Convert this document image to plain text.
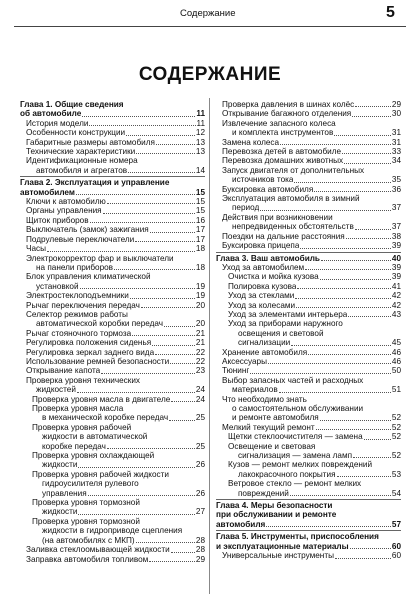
Содержание	5
СОДЕРЖАНИЕ
Глава 1. Общие сведения
об автомобиле	11
История модели	11
Особенности конструкции	12
Габаритные размеры автомобиля	13
Технические характеристики	13
Идентификационные номера
автомобиля и агрегатов	14
Глава 2. Эксплуатация и управление
автомобилем	15
Ключи к автомобилю	15
Органы управления	15
Щиток приборов	16
Выключатель (замок) зажигания	17
Подрулевые переключатели	17
Часы	18
Электрокорректор фар и выключатели
на панели приборов	18
Блок управления климатической
установкой	19
Электростеклоподъемники	19
Рычаг переключения передач	20
Селектор режимов работы
автоматической коробки передач	20
Рычаг стояночного тормоза	21
Регулировка положения сиденья	21
Регулировка зеркал заднего вида	22
Использование ремней безопасности	22
Открывание капота	23
Проверка уровня технических
жидкостей	24
Проверка уровня масла в двигателе	24
Проверка уровня масла
в механической коробке передач	25
Проверка уровня рабочей
жидкости в автоматической
коробке передач	25
Проверка уровня охлаждающей
жидкости	26
Проверка уровня рабочей жидкости
гидроусилителя рулевого
управления	26
Проверка уровня тормозной
жидкости	27
Проверка уровня тормозной
жидкости в гидроприводе сцепления
(на автомобилях с МКП)	28
Заливка стеклоомывающей жидкости	28
Заправка автомобиля топливом	29
Проверка давления в шинах колёс	29
Открывание багажного отделения	30
Извлечение запасного колеса
и комплекта инструментов	31
Замена колеса	31
Перевозка детей в автомобиле	33
Перевозка домашних животных	34
Запуск двигателя от дополнительных
источников тока	35
Буксировка автомобиля	36
Эксплуатация автомобиля в зимний
период	37
Действия при возникновении
непредвиденных обстоятельств	37
Поездки на дальние расстояния	38
Буксировка прицепа	39
Глава 3. Ваш автомобиль	40
Уход за автомобилем	39
Очистка и мойка кузова	39
Полировка кузова	41
Уход за стеклами	42
Уход за колесами	42
Уход за элементами интерьера	43
Уход за приборами наружного
освещения и световой
сигнализации	45
Хранение автомобиля	46
Аксессуары	46
Тюнинг	50
Выбор запасных частей и расходных
материалов	51
Что необходимо знать
о самостоятельном обслуживании
и ремонте автомобиля	52
Мелкий текущий ремонт	52
Щетки стеклоочистителя — замена	52
Освещение и световая
сигнализация — замена ламп	52
Кузов — ремонт мелких повреждений
лакокрасочного покрытия	53
Ветровое стекло — ремонт мелких
повреждений	54
Глава 4. Меры безопасности
при обслуживании и ремонте
автомобиля	57
Глава 5. Инструменты, приспособления
и эксплуатационные материалы	60
Универсальные инструменты	60
